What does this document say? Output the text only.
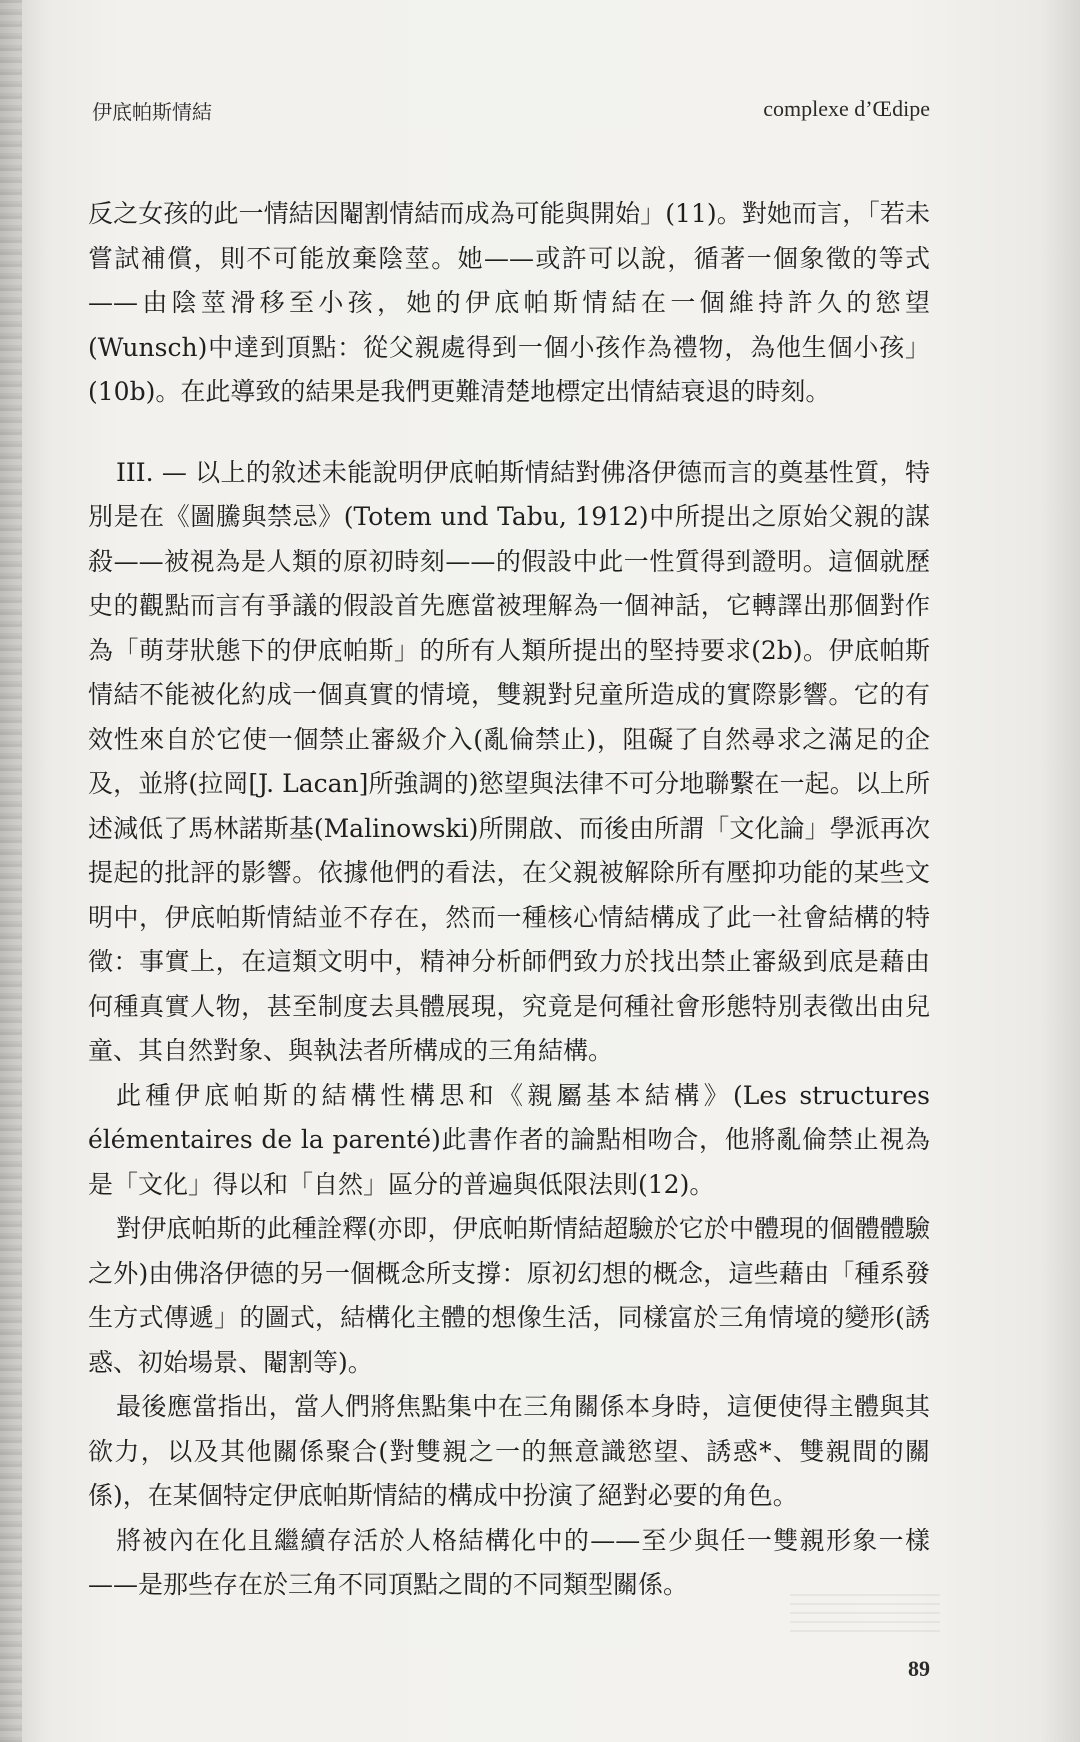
伊底帕斯情結	complexe d’Œdipe

反之女孩的此一情結因閹割情結而成為可能與開始」(11)。對她而言，「若未嘗試補償，則不可能放棄陰莖。她——或許可以說，循著一個象徵的等式——由陰莖滑移至小孩，她的伊底帕斯情結在一個維持許久的慾望(Wunsch)中達到頂點：從父親處得到一個小孩作為禮物，為他生個小孩」(10b)。在此導致的結果是我們更難清楚地標定出情結衰退的時刻。

III. — 以上的敘述未能說明伊底帕斯情結對佛洛伊德而言的奠基性質，特別是在《圖騰與禁忌》(Totem und Tabu, 1912)中所提出之原始父親的謀殺——被視為是人類的原初時刻——的假設中此一性質得到證明。這個就歷史的觀點而言有爭議的假設首先應當被理解為一個神話，它轉譯出那個對作為「萌芽狀態下的伊底帕斯」的所有人類所提出的堅持要求(2b)。伊底帕斯情結不能被化約成一個真實的情境，雙親對兒童所造成的實際影響。它的有效性來自於它使一個禁止審級介入(亂倫禁止)，阻礙了自然尋求之滿足的企及，並將(拉岡[J. Lacan]所強調的)慾望與法律不可分地聯繫在一起。以上所述減低了馬林諾斯基(Malinowski)所開啟、而後由所謂「文化論」學派再次提起的批評的影響。依據他們的看法，在父親被解除所有壓抑功能的某些文明中，伊底帕斯情結並不存在，然而一種核心情結構成了此一社會結構的特徵：事實上，在這類文明中，精神分析師們致力於找出禁止審級到底是藉由何種真實人物，甚至制度去具體展現，究竟是何種社會形態特別表徵出由兒童、其自然對象、與執法者所構成的三角結構。

此種伊底帕斯的結構性構思和《親屬基本結構》(Les structures élémentaires de la parenté)此書作者的論點相吻合，他將亂倫禁止視為是「文化」得以和「自然」區分的普遍與低限法則(12)。

對伊底帕斯的此種詮釋(亦即，伊底帕斯情結超驗於它於中體現的個體體驗之外)由佛洛伊德的另一個概念所支撐：原初幻想的概念，這些藉由「種系發生方式傳遞」的圖式，結構化主體的想像生活，同樣富於三角情境的變形(誘惑、初始場景、閹割等)。

最後應當指出，當人們將焦點集中在三角關係本身時，這便使得主體與其欲力，以及其他關係聚合(對雙親之一的無意識慾望、誘惑*、雙親間的關係)，在某個特定伊底帕斯情結的構成中扮演了絕對必要的角色。

將被內在化且繼續存活於人格結構化中的——至少與任一雙親形象一樣——是那些存在於三角不同頂點之間的不同類型關係。

89
